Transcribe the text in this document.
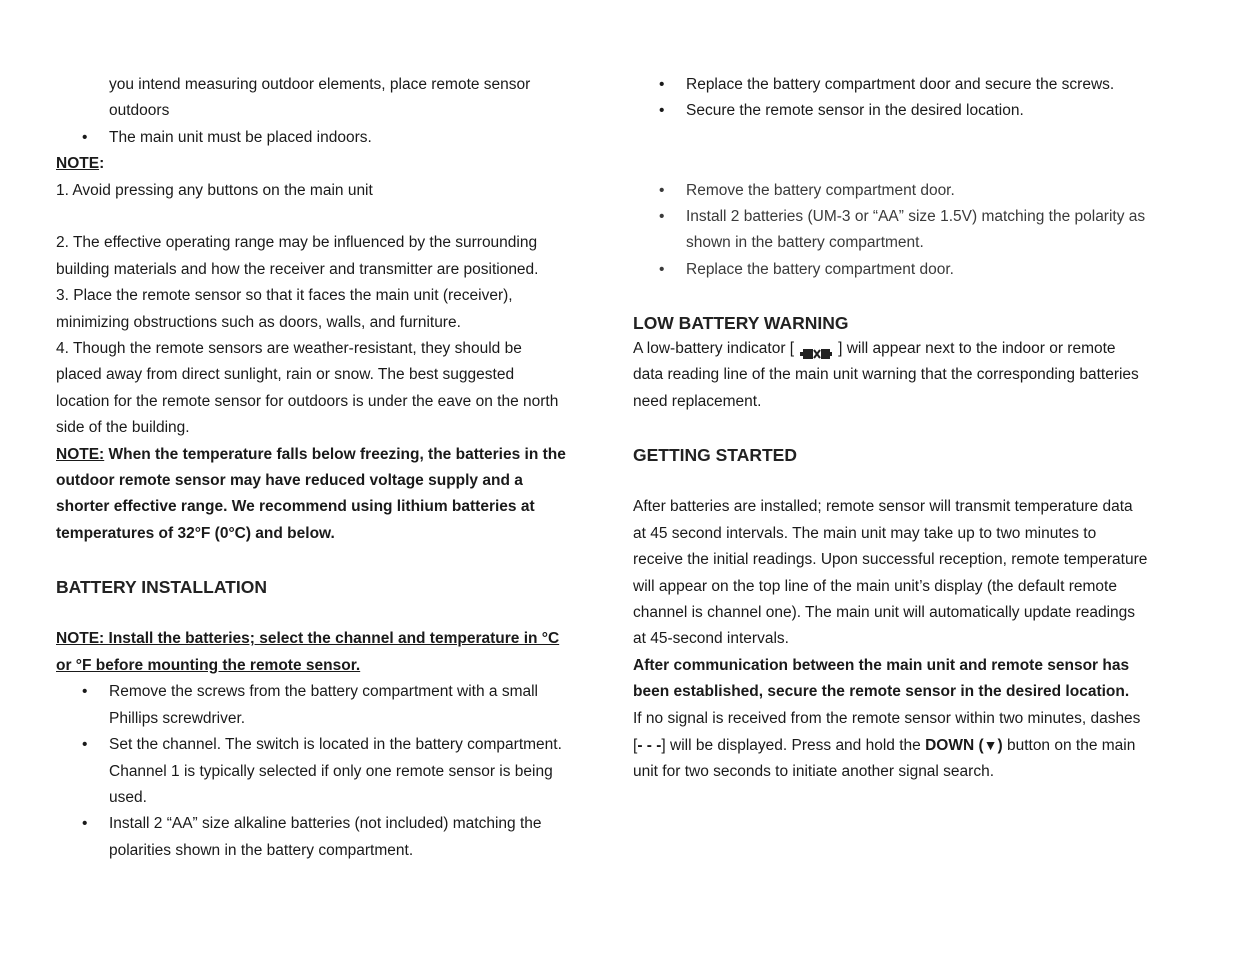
you intend measuring outdoor elements, place remote sensor outdoors

• The main unit must be placed indoors.

NOTE:

1. Avoid pressing any buttons on the main unit

2. The effective operating range may be influenced by the surrounding building materials and how the receiver and transmitter are positioned.

3. Place the remote sensor so that it faces the main unit (receiver), minimizing obstructions such as doors, walls, and furniture.

4. Though the remote sensors are weather-resistant, they should be placed away from direct sunlight, rain or snow. The best suggested location for the remote sensor for outdoors is under the eave on the north side of the building.

NOTE: When the temperature falls below freezing, the batteries in the outdoor remote sensor may have reduced voltage supply and a shorter effective range. We recommend using lithium batteries at temperatures of 32°F (0°C) and below.

BATTERY INSTALLATION

NOTE: Install the batteries; select the channel and temperature in °C or °F before mounting the remote sensor.

• Remove the screws from the battery compartment with a small Phillips screwdriver.
• Set the channel. The switch is located in the battery compartment. Channel 1 is typically selected if only one remote sensor is being used.
• Install 2 “AA” size alkaline batteries (not included) matching the polarities shown in the battery compartment.
• Replace the battery compartment door and secure the screws.
• Secure the remote sensor in the desired location.
• Remove the battery compartment door.
• Install 2 batteries (UM-3 or “AA” size 1.5V) matching the polarity as shown in the battery compartment.
• Replace the battery compartment door.

LOW BATTERY WARNING

A low-battery indicator [	] will appear next to the indoor or remote data reading line of the main unit warning that the corresponding batteries need replacement.

GETTING STARTED

After batteries are installed; remote sensor will transmit temperature data at 45 second intervals. The main unit may take up to two minutes to receive the initial readings. Upon successful reception, remote temperature will appear on the top line of the main unit’s display (the default remote channel is channel one). The main unit will automatically update readings at 45-second intervals.

After communication between the main unit and remote sensor has been established, secure the remote sensor in the desired location.

If no signal is received from the remote sensor within two minutes, dashes [- - -] will be displayed. Press and hold the DOWN (▼) button on the main unit for two seconds to initiate another signal search.
